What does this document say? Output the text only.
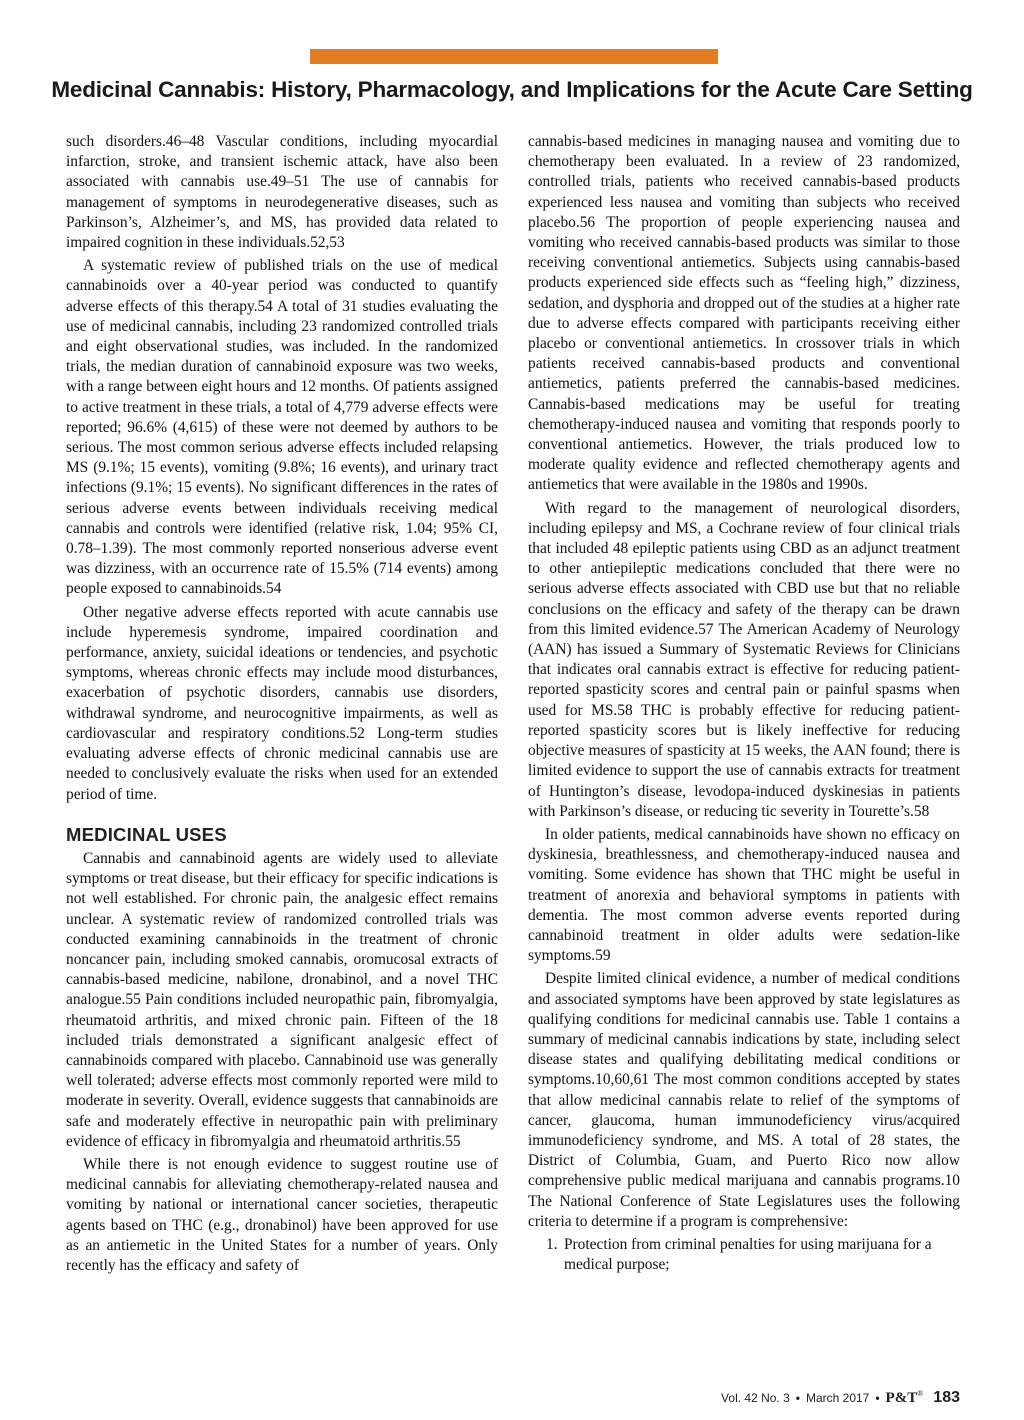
Medicinal Cannabis: History, Pharmacology, and Implications for the Acute Care Setting

such disorders.46–48 Vascular conditions, including myocardial infarction, stroke, and transient ischemic attack, have also been associated with cannabis use.49–51 The use of cannabis for management of symptoms in neurodegenerative diseases, such as Parkinson’s, Alzheimer’s, and MS, has provided data related to impaired cognition in these individuals.52,53

A systematic review of published trials on the use of medical cannabinoids over a 40-year period was conducted to quantify adverse effects of this therapy.54 A total of 31 studies evaluating the use of medicinal cannabis, including 23 randomized controlled trials and eight observational studies, was included. In the randomized trials, the median duration of cannabinoid exposure was two weeks, with a range between eight hours and 12 months. Of patients assigned to active treatment in these trials, a total of 4,779 adverse effects were reported; 96.6% (4,615) of these were not deemed by authors to be serious. The most common serious adverse effects included relapsing MS (9.1%; 15 events), vomiting (9.8%; 16 events), and urinary tract infections (9.1%; 15 events). No significant differences in the rates of serious adverse events between individuals receiving medical cannabis and controls were identified (relative risk, 1.04; 95% CI, 0.78–1.39). The most commonly reported nonserious adverse event was dizziness, with an occurrence rate of 15.5% (714 events) among people exposed to cannabinoids.54

Other negative adverse effects reported with acute cannabis use include hyperemesis syndrome, impaired coordination and performance, anxiety, suicidal ideations or tendencies, and psychotic symptoms, whereas chronic effects may include mood disturbances, exacerbation of psychotic disorders, cannabis use disorders, withdrawal syndrome, and neurocognitive impairments, as well as cardiovascular and respiratory conditions.52 Long-term studies evaluating adverse effects of chronic medicinal cannabis use are needed to conclusively evaluate the risks when used for an extended period of time.

MEDICINAL USES

Cannabis and cannabinoid agents are widely used to alleviate symptoms or treat disease, but their efficacy for specific indications is not well established. For chronic pain, the analgesic effect remains unclear. A systematic review of randomized controlled trials was conducted examining cannabinoids in the treatment of chronic noncancer pain, including smoked cannabis, oromucosal extracts of cannabis-based medicine, nabilone, dronabinol, and a novel THC analogue.55 Pain conditions included neuropathic pain, fibromyalgia, rheumatoid arthritis, and mixed chronic pain. Fifteen of the 18 included trials demonstrated a significant analgesic effect of cannabinoids compared with placebo. Cannabinoid use was generally well tolerated; adverse effects most commonly reported were mild to moderate in severity. Overall, evidence suggests that cannabinoids are safe and moderately effective in neuropathic pain with preliminary evidence of efficacy in fibromyalgia and rheumatoid arthritis.55

While there is not enough evidence to suggest routine use of medicinal cannabis for alleviating chemotherapy-related nausea and vomiting by national or international cancer societies, therapeutic agents based on THC (e.g., dronabinol) have been approved for use as an antiemetic in the United States for a number of years. Only recently has the efficacy and safety of

cannabis-based medicines in managing nausea and vomiting due to chemotherapy been evaluated. In a review of 23 randomized, controlled trials, patients who received cannabis-based products experienced less nausea and vomiting than subjects who received placebo.56 The proportion of people experiencing nausea and vomiting who received cannabis-based products was similar to those receiving conventional antiemetics. Subjects using cannabis-based products experienced side effects such as “feeling high,” dizziness, sedation, and dysphoria and dropped out of the studies at a higher rate due to adverse effects compared with participants receiving either placebo or conventional antiemetics. In crossover trials in which patients received cannabis-based products and conventional antiemetics, patients preferred the cannabis-based medicines. Cannabis-based medications may be useful for treating chemotherapy-induced nausea and vomiting that responds poorly to conventional antiemetics. However, the trials produced low to moderate quality evidence and reflected chemotherapy agents and antiemetics that were available in the 1980s and 1990s.

With regard to the management of neurological disorders, including epilepsy and MS, a Cochrane review of four clinical trials that included 48 epileptic patients using CBD as an adjunct treatment to other antiepileptic medications concluded that there were no serious adverse effects associated with CBD use but that no reliable conclusions on the efficacy and safety of the therapy can be drawn from this limited evidence.57 The American Academy of Neurology (AAN) has issued a Summary of Systematic Reviews for Clinicians that indicates oral cannabis extract is effective for reducing patient-reported spasticity scores and central pain or painful spasms when used for MS.58 THC is probably effective for reducing patient-reported spasticity scores but is likely ineffective for reducing objective measures of spasticity at 15 weeks, the AAN found; there is limited evidence to support the use of cannabis extracts for treatment of Huntington’s disease, levodopa-induced dyskinesias in patients with Parkinson’s disease, or reducing tic severity in Tourette’s.58

In older patients, medical cannabinoids have shown no efficacy on dyskinesia, breathlessness, and chemotherapy-induced nausea and vomiting. Some evidence has shown that THC might be useful in treatment of anorexia and behavioral symptoms in patients with dementia. The most common adverse events reported during cannabinoid treatment in older adults were sedation-like symptoms.59

Despite limited clinical evidence, a number of medical conditions and associated symptoms have been approved by state legislatures as qualifying conditions for medicinal cannabis use. Table 1 contains a summary of medicinal cannabis indications by state, including select disease states and qualifying debilitating medical conditions or symptoms.10,60,61 The most common conditions accepted by states that allow medicinal cannabis relate to relief of the symptoms of cancer, glaucoma, human immunodeficiency virus/acquired immunodeficiency syndrome, and MS. A total of 28 states, the District of Columbia, Guam, and Puerto Rico now allow comprehensive public medical marijuana and cannabis programs.10 The National Conference of State Legislatures uses the following criteria to determine if a program is comprehensive:

1. Protection from criminal penalties for using marijuana for a medical purpose;
Vol. 42 No. 3 • March 2017 • P&T® 183
